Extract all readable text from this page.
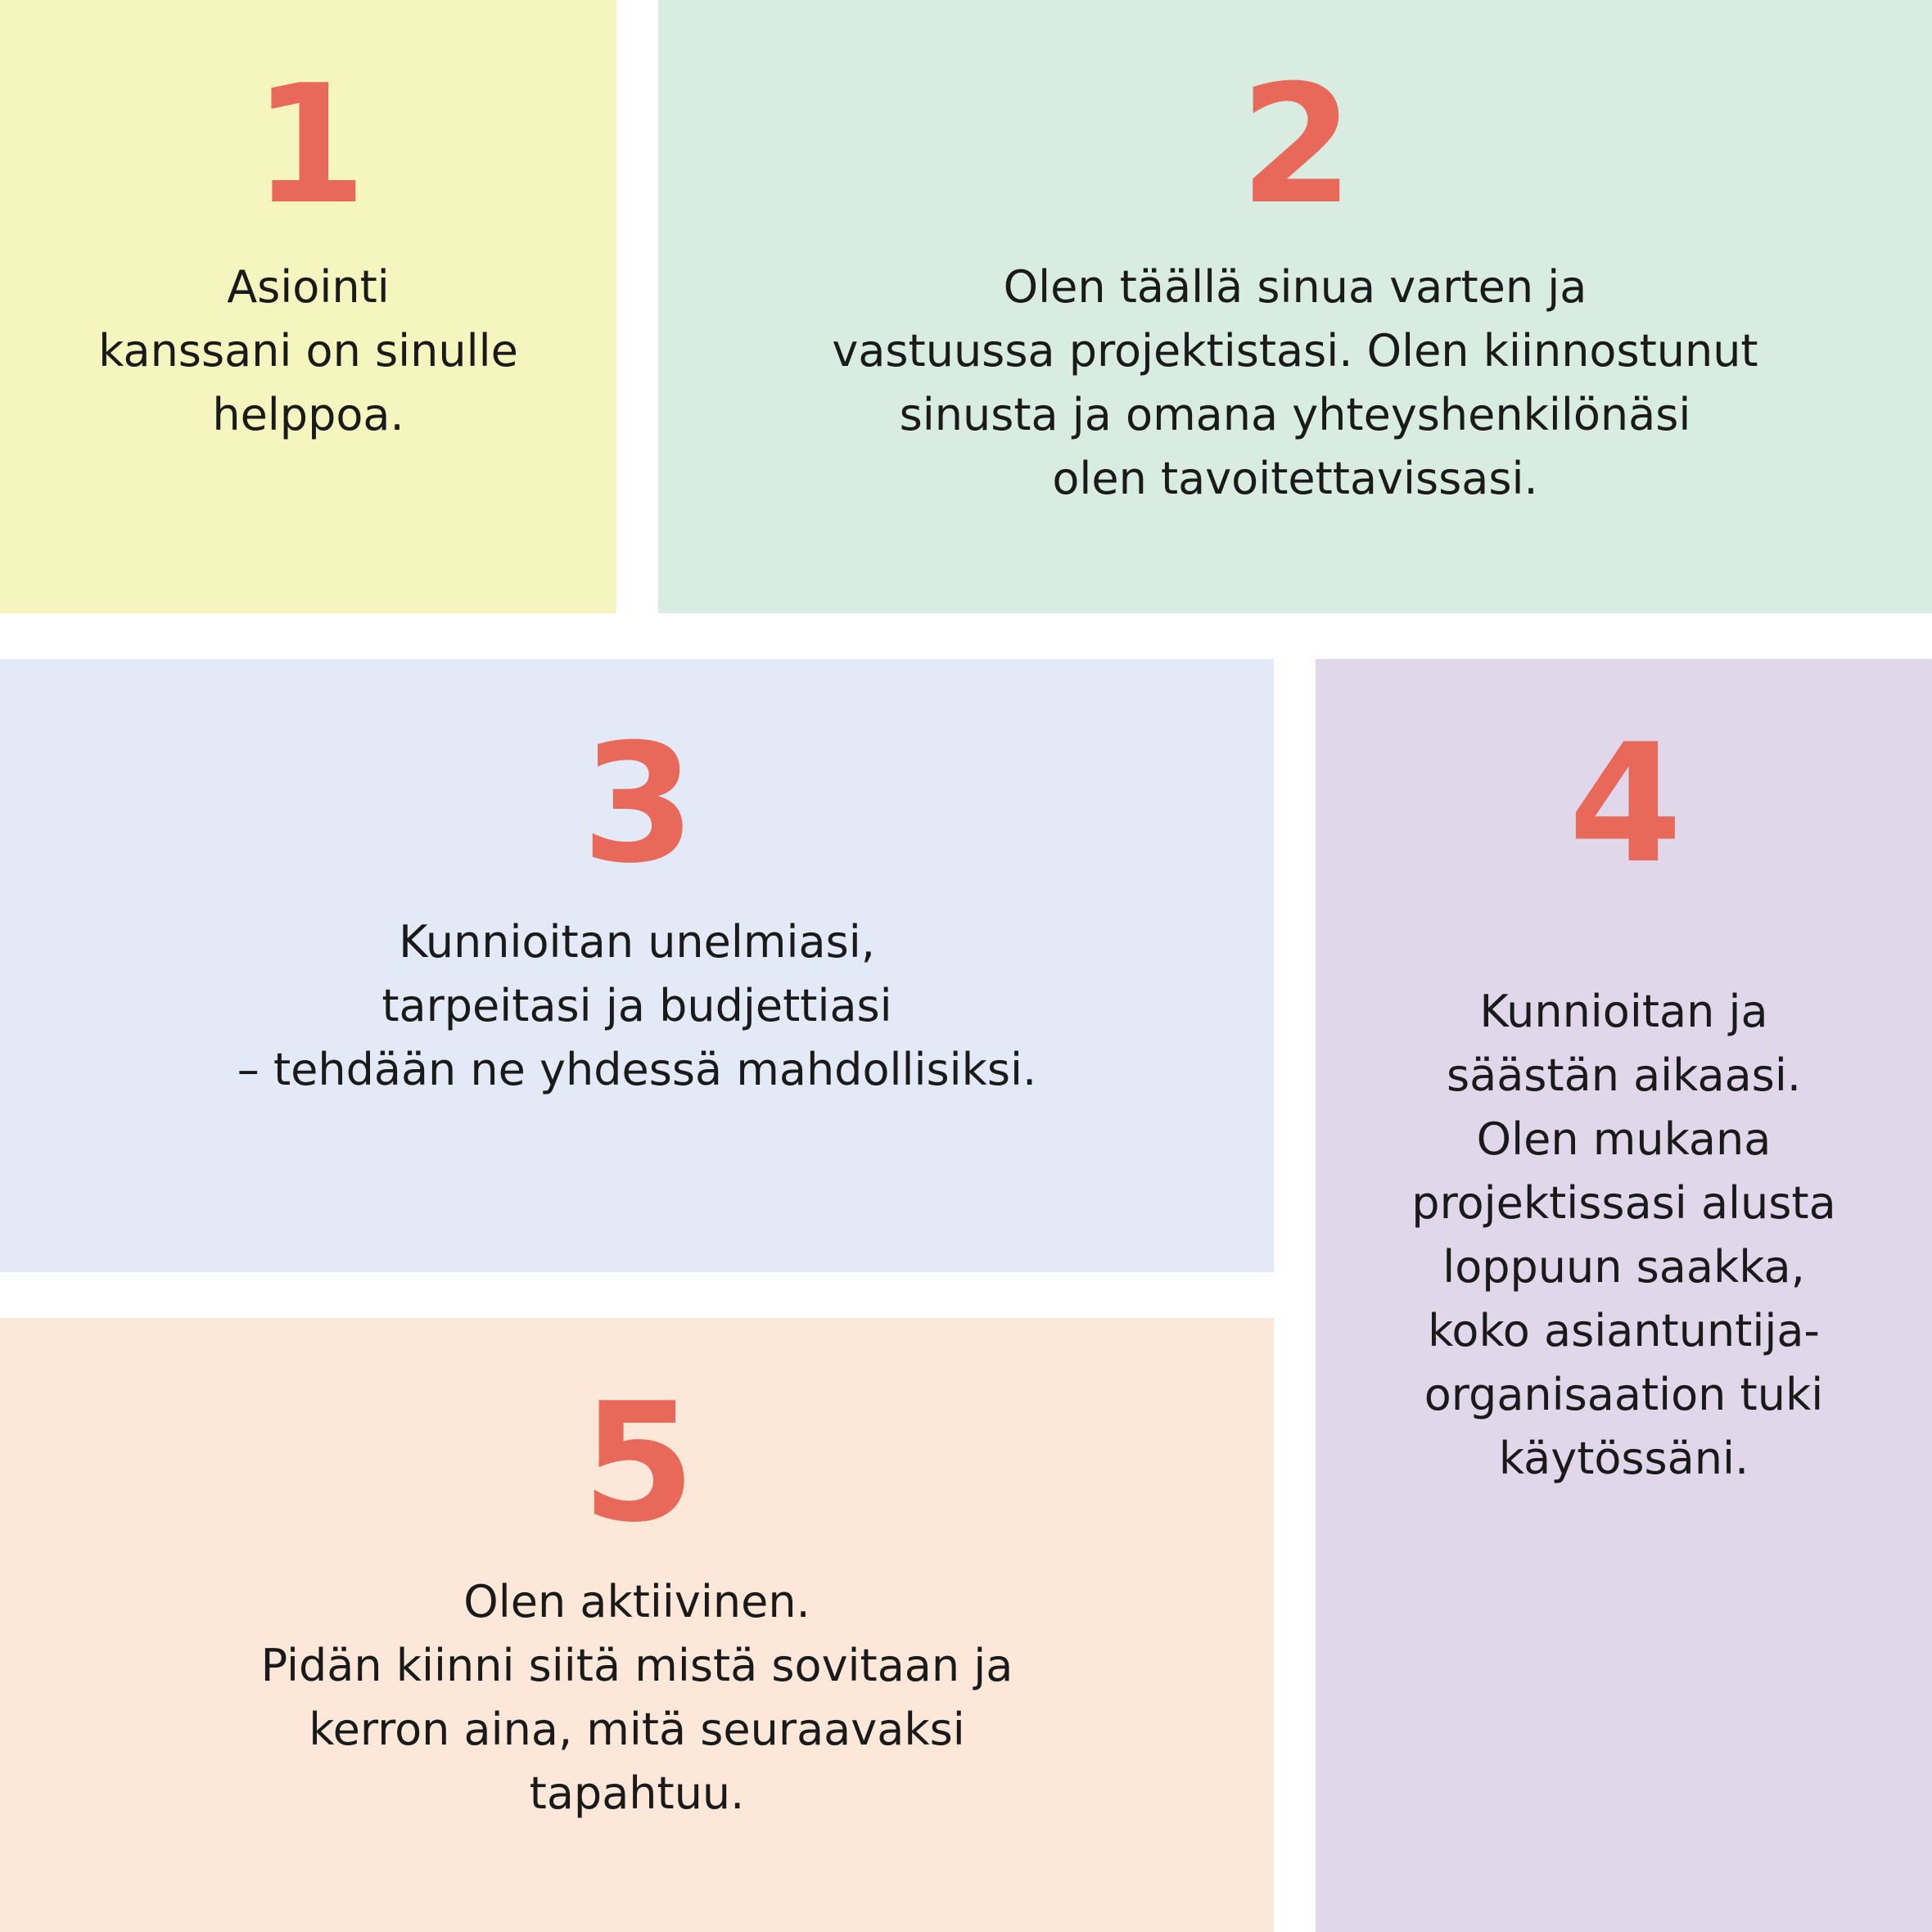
1
Asiointi
kanssani on sinulle
helppoa.
2
Olen täällä sinua varten ja
vastuussa projektistasi. Olen kiinnostunut
sinusta ja omana yhteyshenkilönäsi
olen tavoitettavissasi.
3
Kunnioitan unelmiasi,
tarpeitasi ja budjettiasi
– tehdään ne yhdessä mahdollisiksi.
4
Kunnioitan ja
säästän aikaasi.
Olen mukana
projektissasi alusta
loppuun saakka,
koko asiantuntija-
organisaation tuki
käytössäni.
5
Olen aktiivinen.
Pidän kiinni siitä mistä sovitaan ja
kerron aina, mitä seuraavaksi
tapahtuu.
